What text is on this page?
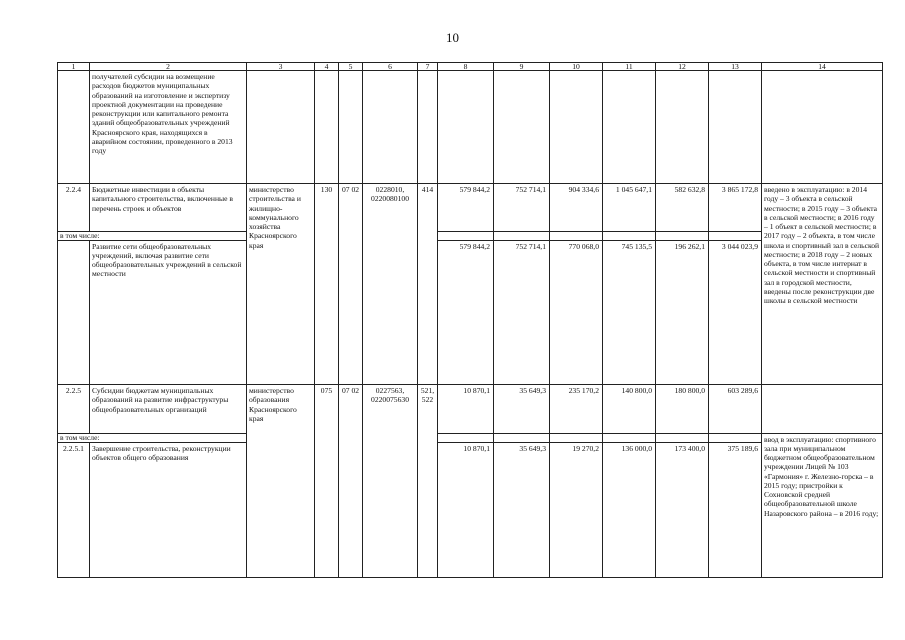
10
1	2	3	4	5	6	7	8	9	10	11	12	13	14
	получателей субсидии на возмещение расходов бюджетов муниципальных образований на изготовление и экспертизу проектной документации на проведение реконструкции или капитального ремонта зданий общеобразовательных учреждений Красноярского края, находящихся в аварийном состоянии, проведенного в 2013 году												
2.2.4	Бюджетные инвестиции в объекты капитального строительства, включенные в перечень строек и объектов	министерство строительства и жилищно-коммунального хозяйства Красноярского края	130	07 02	0228010, 0220080100	414	579 844,2	752 714,1	904 334,6	1 045 647,1	582 632,8	3 865 172,8	введено в эксплуатацию: в 2014 году – 3 объекта в сельской местности; в 2015 году – 3 объекта в сельской местности; в 2016 году – 1 объект в сельской местности; в 2017 году – 2 объекта, в том числе школа и спортивный зал в сельской местности; в 2018 году – 2 новых объекта, в том числе интернат в сельской местности и спортивный зал в городской местности, введены после реконструкции две школы в сельской местности
в том числе:													
	Развитие сети общеобразовательных учреждений, включая развитие сети общеобразовательных учреждений в сельской местности						579 844,2	752 714,1	770 068,0	745 135,5	196 262,1	3 044 023,9	
2.2.5	Субсидии бюджетам муниципальных образований на развитие инфраструктуры общеобразовательных организаций	министерство образования Красноярского края	075	07 02	0227563, 0220075630	521, 522	10 870,1	35 649,3	235 170,2	140 800,0	180 800,0	603 289,6	
в том числе:													ввод в эксплуатацию: спортивного зала при муниципальном бюджетном общеобразовательном учреждении Лицей № 103 «Гармония» г. Железно-горска – в 2015 году; пристройки к Сохновской средней общеобразовательной школе Назаровского района – в 2016 году;
2.2.5.1	Завершение строительства, реконструкции объектов общего образования						10 870,1	35 649,3	19 270,2	136 000,0	173 400,0	375 189,6	
